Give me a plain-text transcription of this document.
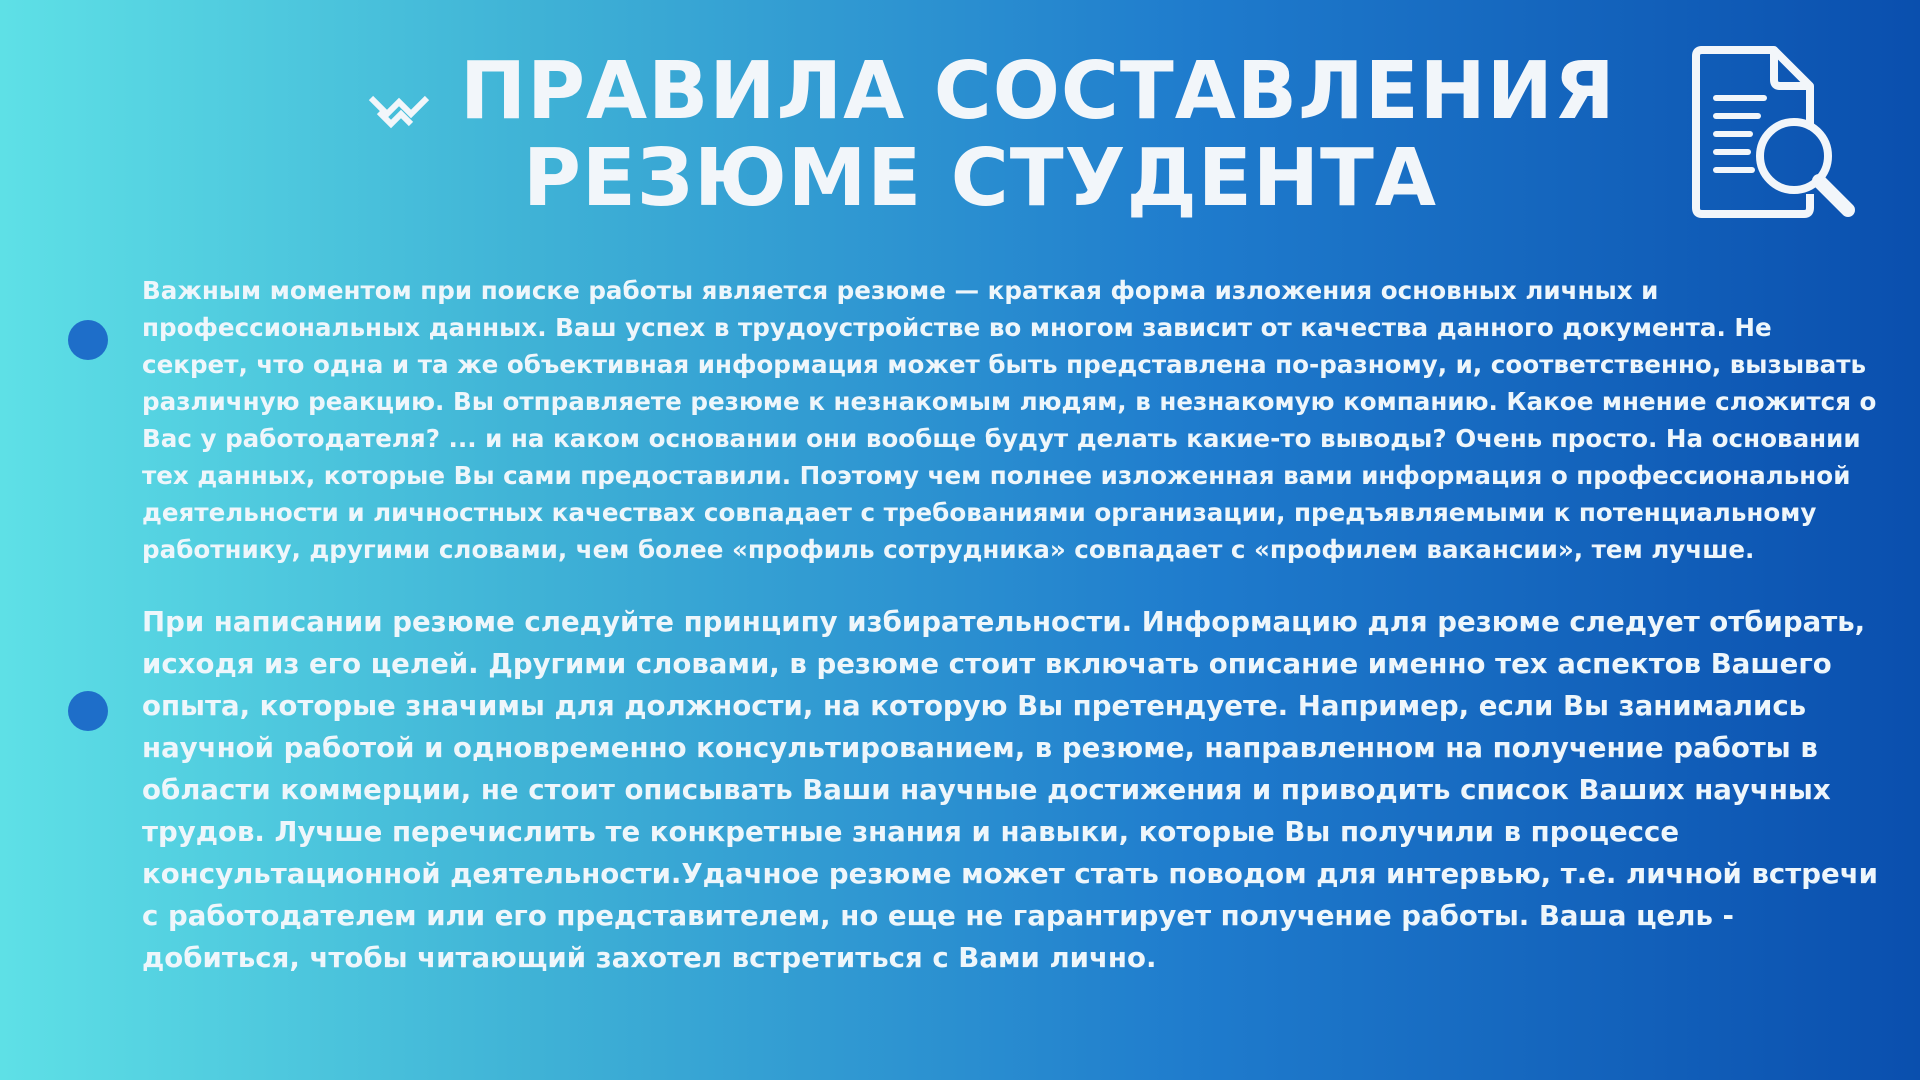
ПРАВИЛА СОСТАВЛЕНИЯ
РЕЗЮМЕ СТУДЕНТА

Важным моментом при поиске работы является резюме — краткая форма изложения основных личных и профессиональных данных. Ваш успех в трудоустройстве во многом зависит от качества данного документа. Не секрет, что одна и та же объективная информация может быть представлена по-разному, и, соответственно, вызывать различную реакцию. Вы отправляете резюме к незнакомым людям, в незнакомую компанию. Какое мнение сложится о Вас у работодателя? ... и на каком основании они вообще будут делать какие-то выводы? Очень просто. На основании тех данных, которые Вы сами предоставили. Поэтому чем полнее изложенная вами информация о профессиональной деятельности и личностных качествах совпадает с требованиями организации, предъявляемыми к потенциальному работнику, другими словами, чем более «профиль сотрудника» совпадает с «профилем вакансии», тем лучше.

При написании резюме следуйте принципу избирательности. Информацию для резюме следует отбирать, исходя из его целей. Другими словами, в резюме стоит включать описание именно тех аспектов Вашего опыта, которые значимы для должности, на которую Вы претендуете. Например, если Вы занимались научной работой и одновременно консультированием, в резюме, направленном на получение работы в области коммерции, не стоит описывать Ваши научные достижения и приводить список Ваших научных трудов. Лучше перечислить те конкретные знания и навыки, которые Вы получили в процессе консультационной деятельности.Удачное резюме может стать поводом для интервью, т.е. личной встречи с работодателем или его представителем, но еще не гарантирует получение работы. Ваша цель - добиться, чтобы читающий захотел встретиться с Вами лично.
